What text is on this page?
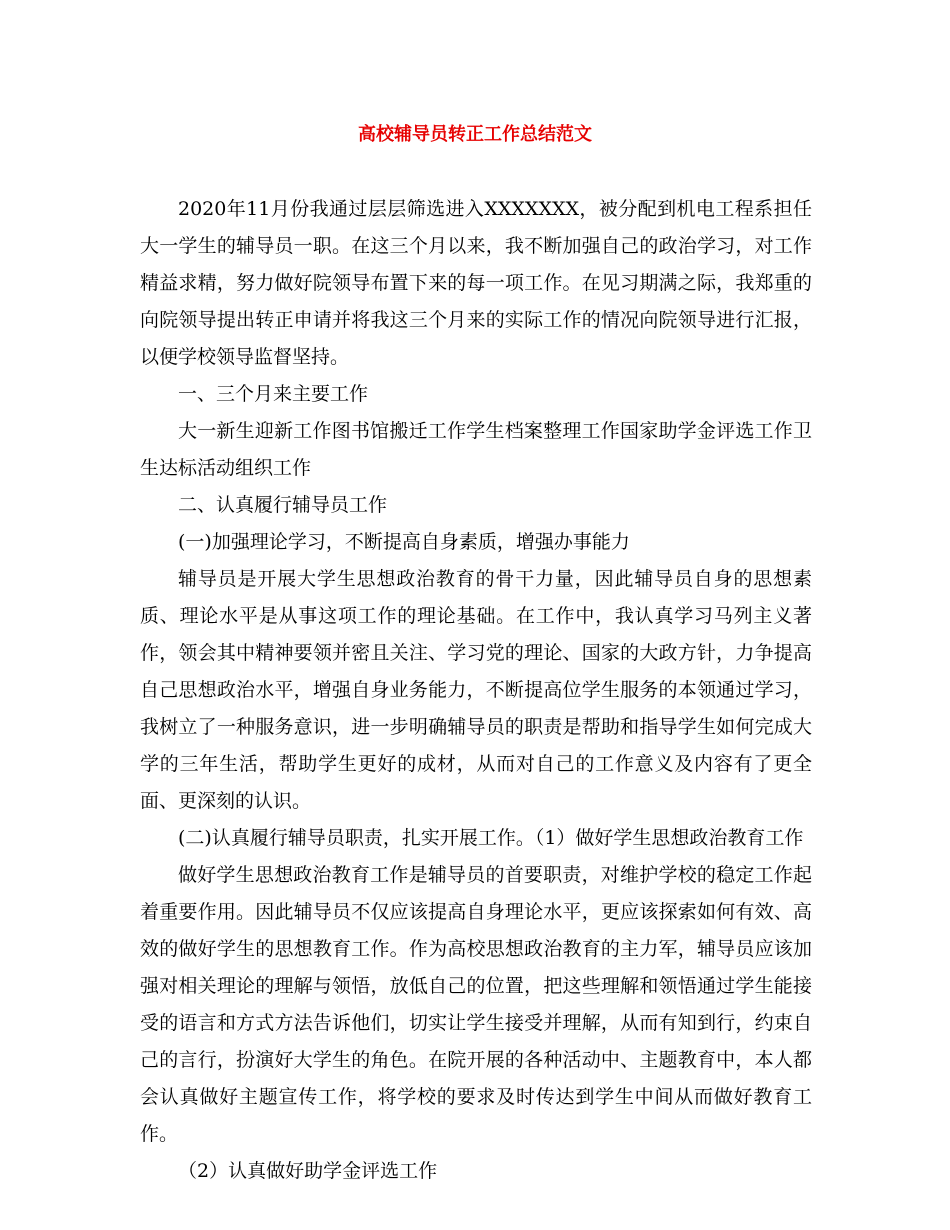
高校辅导员转正工作总结范文

2020年11月份我通过层层筛选进入XXXXXXX，被分配到机电工程系担任大一学生的辅导员一职。在这三个月以来，我不断加强自己的政治学习，对工作精益求精，努力做好院领导布置下来的每一项工作。在见习期满之际，我郑重的向院领导提出转正申请并将我这三个月来的实际工作的情况向院领导进行汇报，以便学校领导监督坚持。

一、三个月来主要工作

大一新生迎新工作图书馆搬迁工作学生档案整理工作国家助学金评选工作卫生达标活动组织工作

二、认真履行辅导员工作

(一)加强理论学习，不断提高自身素质，增强办事能力

辅导员是开展大学生思想政治教育的骨干力量，因此辅导员自身的思想素质、理论水平是从事这项工作的理论基础。在工作中，我认真学习马列主义著作，领会其中精神要领并密且关注、学习党的理论、国家的大政方针，力争提高自己思想政治水平，增强自身业务能力，不断提高位学生服务的本领通过学习，我树立了一种服务意识，进一步明确辅导员的职责是帮助和指导学生如何完成大学的三年生活，帮助学生更好的成材，从而对自己的工作意义及内容有了更全面、更深刻的认识。

(二)认真履行辅导员职责，扎实开展工作。（1）做好学生思想政治教育工作

做好学生思想政治教育工作是辅导员的首要职责，对维护学校的稳定工作起着重要作用。因此辅导员不仅应该提高自身理论水平，更应该探索如何有效、高效的做好学生的思想教育工作。作为高校思想政治教育的主力军，辅导员应该加强对相关理论的理解与领悟，放低自己的位置，把这些理解和领悟通过学生能接受的语言和方式方法告诉他们，切实让学生接受并理解，从而有知到行，约束自己的言行，扮演好大学生的角色。在院开展的各种活动中、主题教育中，本人都会认真做好主题宣传工作，将学校的要求及时传达到学生中间从而做好教育工作。

（2）认真做好助学金评选工作
